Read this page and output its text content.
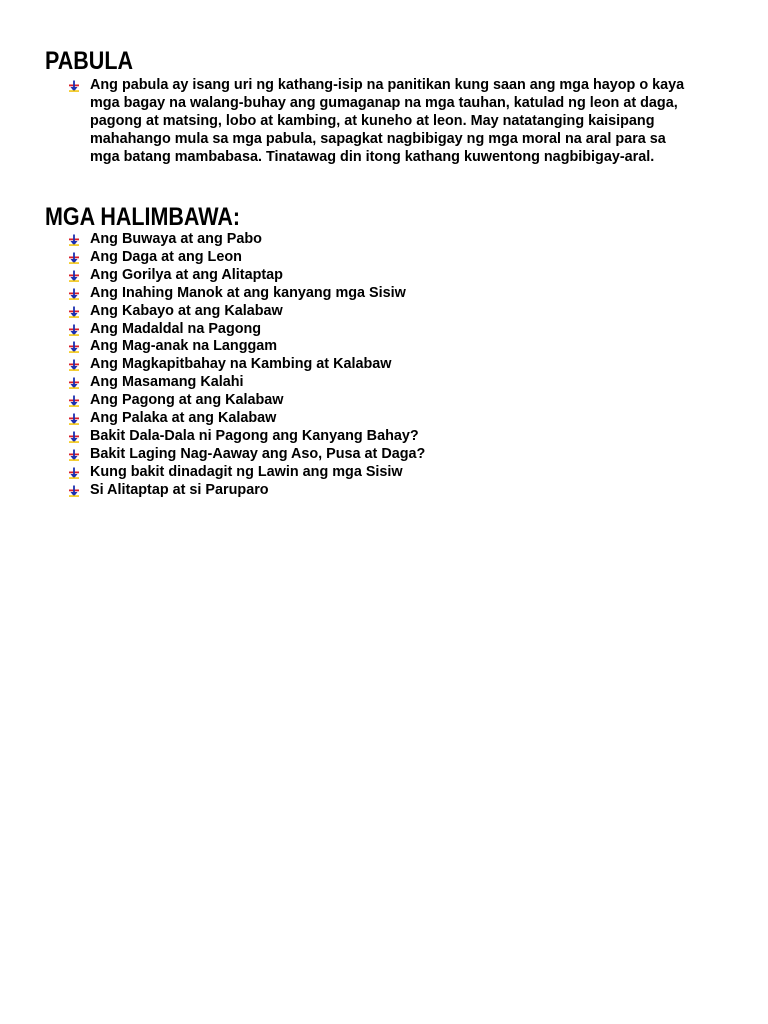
PABULA
Ang pabula ay isang uri ng kathang-isip na panitikan kung saan ang mga hayop o kaya
mga bagay na walang-buhay ang gumaganap na mga tauhan, katulad ng leon at daga,
pagong at matsing, lobo at kambing, at kuneho at leon. May natatanging kaisipang
mahahango mula sa mga pabula, sapagkat nagbibigay ng mga moral na aral para sa
mga batang mambabasa. Tinatawag din itong kathang kuwentong nagbibigay-aral.
MGA HALIMBAWA:
Ang Buwaya at ang Pabo
Ang Daga at ang Leon
Ang Gorilya at ang Alitaptap
Ang Inahing Manok at ang kanyang mga Sisiw
Ang Kabayo at ang Kalabaw
Ang Madaldal na Pagong
Ang Mag-anak na Langgam
Ang Magkapitbahay na Kambing at Kalabaw
Ang Masamang Kalahi
Ang Pagong at ang Kalabaw
Ang Palaka at ang Kalabaw
Bakit Dala-Dala ni Pagong ang Kanyang Bahay?
Bakit Laging Nag-Aaway ang Aso, Pusa at Daga?
Kung bakit dinadagit ng Lawin ang mga Sisiw
Si Alitaptap at si Paruparo
